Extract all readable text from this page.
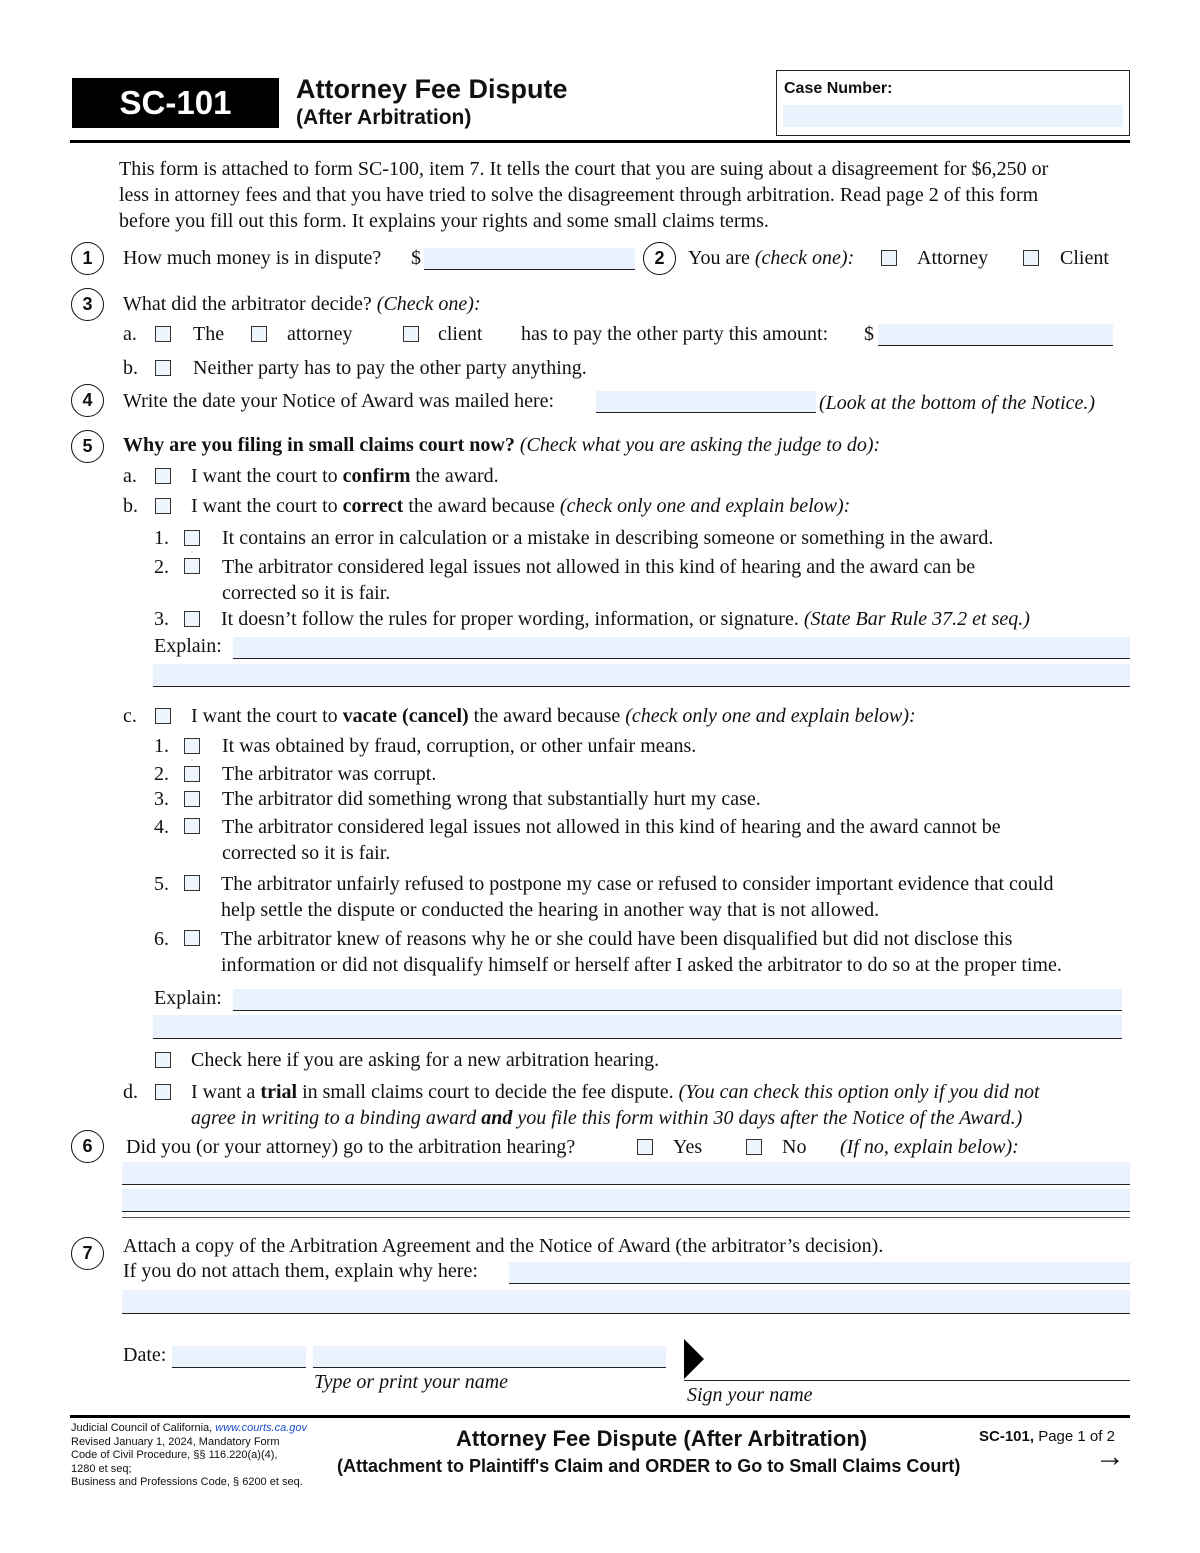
SC-101	Attorney Fee Dispute
(After Arbitration)
Case Number:
This form is attached to form SC-100, item 7. It tells the court that you are suing about a disagreement for $6,250 or
less in attorney fees and that you have tried to solve the disagreement through arbitration. Read page 2 of this form
before you fill out this form. It explains your rights and some small claims terms.
1	How much money is in dispute? $	2	You are (check one):	Attorney	Client
3	What did the arbitrator decide? (Check one):
a.	The	attorney	client has to pay the other party this amount: $
b.	Neither party has to pay the other party anything.
4	Write the date your Notice of Award was mailed here:	(Look at the bottom of the Notice.)
5	Why are you filing in small claims court now? (Check what you are asking the judge to do):
a.	I want the court to confirm the award.
b.	I want the court to correct the award because (check only one and explain below):
1.	It contains an error in calculation or a mistake in describing someone or something in the award.
2.	The arbitrator considered legal issues not allowed in this kind of hearing and the award can be
corrected so it is fair.
3.	It doesn’t follow the rules for proper wording, information, or signature. (State Bar Rule 37.2 et seq.)
Explain:
c.	I want the court to vacate (cancel) the award because (check only one and explain below):
1.	It was obtained by fraud, corruption, or other unfair means.
2.	The arbitrator was corrupt.
3.	The arbitrator did something wrong that substantially hurt my case.
4.	The arbitrator considered legal issues not allowed in this kind of hearing and the award cannot be
corrected so it is fair.
5.	The arbitrator unfairly refused to postpone my case or refused to consider important evidence that could
help settle the dispute or conducted the hearing in another way that is not allowed.
6.	The arbitrator knew of reasons why he or she could have been disqualified but did not disclose this
information or did not disqualify himself or herself after I asked the arbitrator to do so at the proper time.
Explain:
Check here if you are asking for a new arbitration hearing.
d.	I want a trial in small claims court to decide the fee dispute. (You can check this option only if you did not
agree in writing to a binding award and you file this form within 30 days after the Notice of the Award.)
6	Did you (or your attorney) go to the arbitration hearing?	Yes	No (If no, explain below):
7	Attach a copy of the Arbitration Agreement and the Notice of Award (the arbitrator’s decision).
If you do not attach them, explain why here:
Date:
Type or print your name
Sign your name
Judicial Council of California, www.courts.ca.gov
Revised January 1, 2024, Mandatory Form
Code of Civil Procedure, §§ 116.220(a)(4),
1280 et seq;
Business and Professions Code, § 6200 et seq.
Attorney Fee Dispute (After Arbitration)
(Attachment to Plaintiff's Claim and ORDER to Go to Small Claims Court)
SC-101, Page 1 of 2
→
